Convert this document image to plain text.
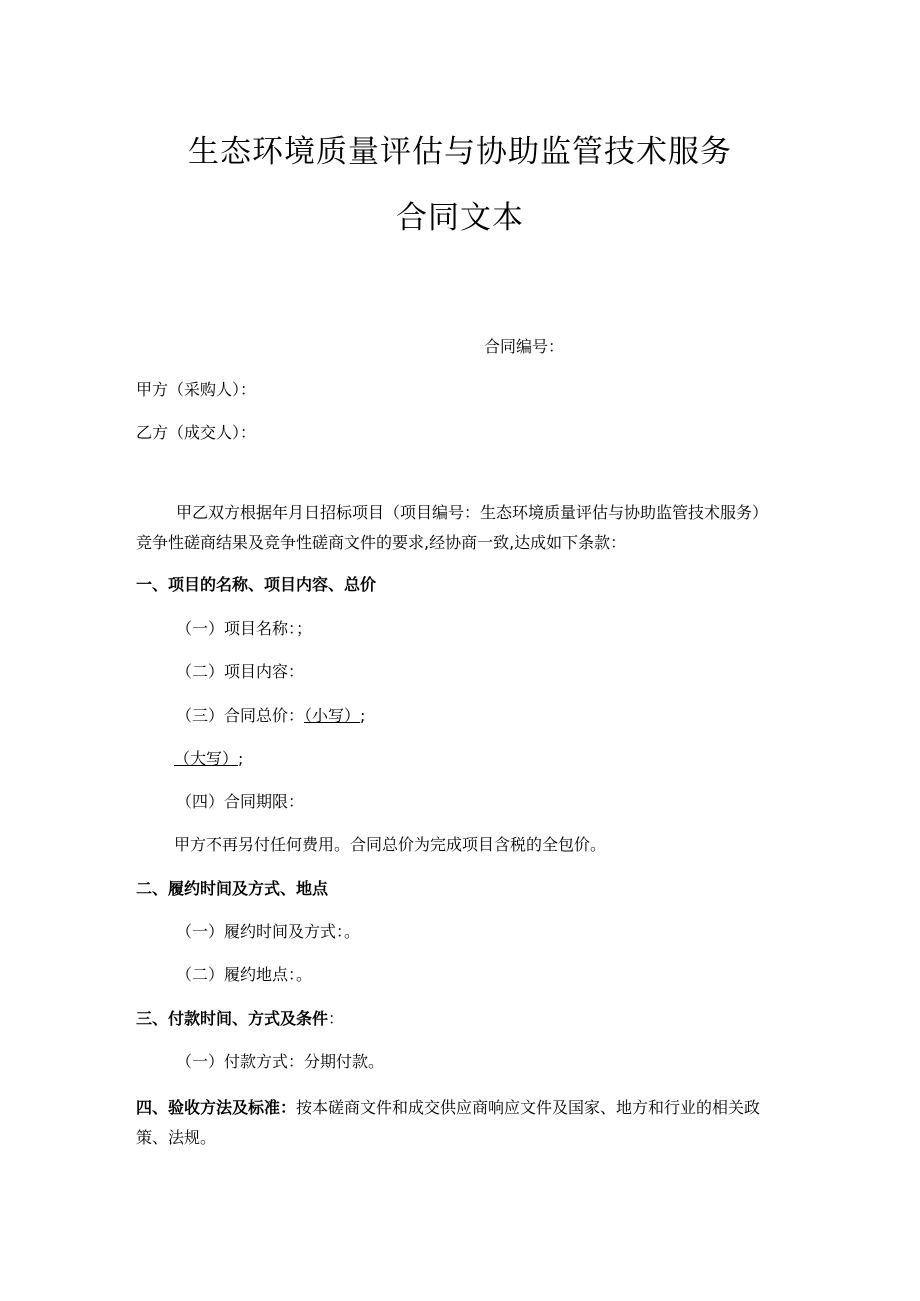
生态环境质量评估与协助监管技术服务
合同文本
合同编号：
甲方（采购人）：
乙方（成交人）：
甲乙双方根据年月日招标项目（项目编号：生态环境质量评估与协助监管技术服务）竞争性磋商结果及竞争性磋商文件的要求,经协商一致,达成如下条款：
一、项目的名称、项目内容、总价
（一）项目名称：；
（二）项目内容：
（三）合同总价：（小写）;
（大写）;
（四）合同期限：
甲方不再另付任何费用。合同总价为完成项目含税的全包价。
二、履约时间及方式、地点
（一）履约时间及方式：。
（二）履约地点：。
三、付款时间、方式及条件：
（一）付款方式：分期付款。
四、验收方法及标准：按本磋商文件和成交供应商响应文件及国家、地方和行业的相关政策、法规。
